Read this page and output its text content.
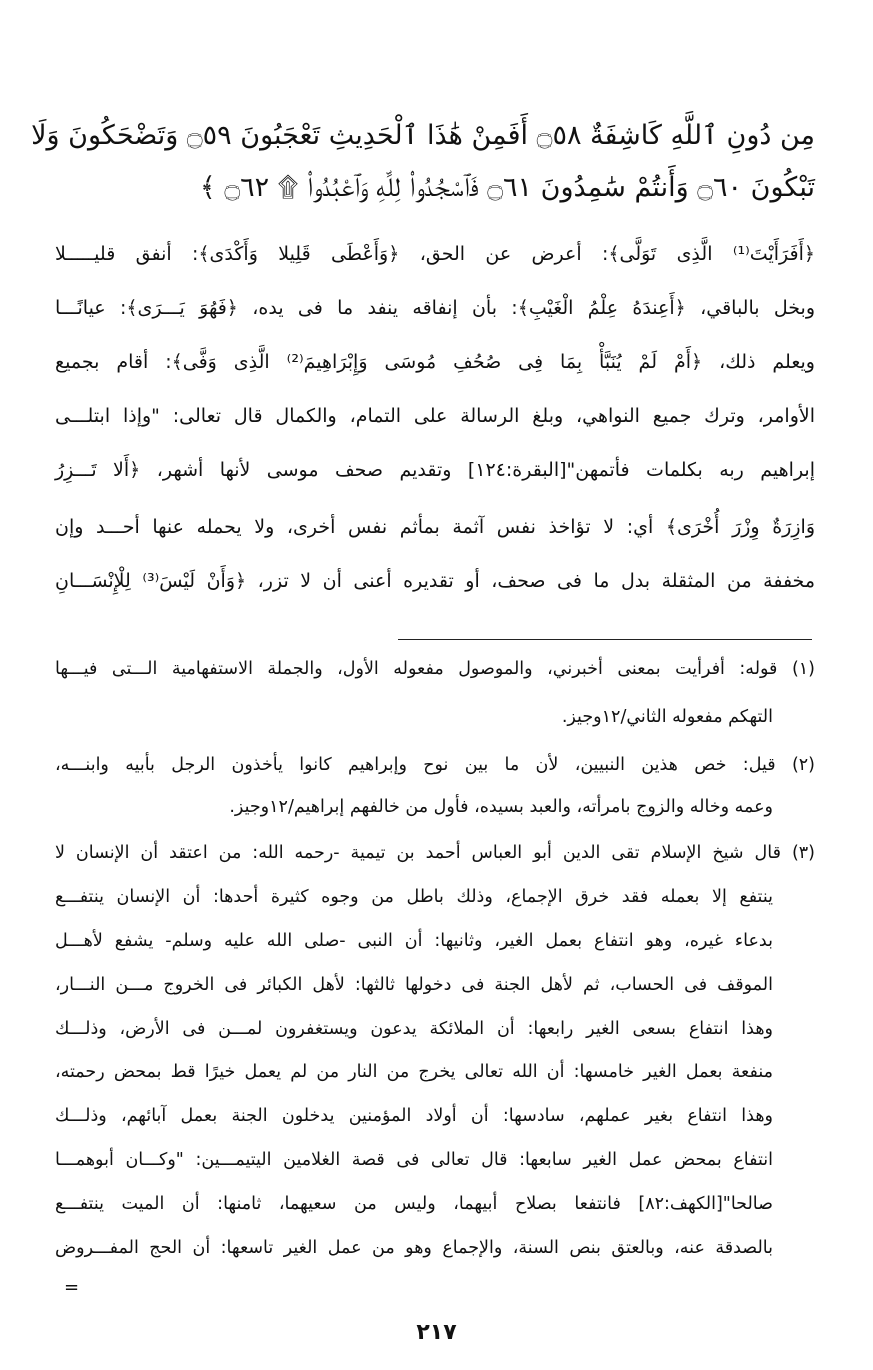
مِن دُونِ ٱللَّهِ كَاشِفَةٌ ۝٥٨ أَفَمِنْ هَٰذَا ٱلْحَدِيثِ تَعْجَبُونَ ۝٥٩ وَتَضْحَكُونَ وَلَا
تَبْكُونَ ۝٦٠ وَأَنتُمْ سَٰمِدُونَ ۝٦١ فَٱسْجُدُوا۟ لِلَّهِ وَٱعْبُدُوا۟ ۩ ۝٦٢ ﴾
﴿أَفَرَأَيْتَ⁽¹⁾ الَّذِى تَوَلَّى﴾: أعرض عن الحق، ﴿وَأَعْطَى قَلِيلا وَأَكْدَى﴾: أنفق قليـــــلا
وبخل بالباقي، ﴿أَعِندَهُ عِلْمُ الْغَيْبِ﴾: بأن إنفاقه ينفد ما فى يده، ﴿فَهُوَ يَـــرَى﴾: عيانًـــا
ويعلم ذلك، ﴿أَمْ لَمْ يُنَبَّأْ بِمَا فِى صُحُفِ مُوسَى وَإِبْرَاهِيمَ⁽²⁾ الَّذِى وَفَّى﴾: أقام بجميع
الأوامر، وترك جميع النواهي، وبلغ الرسالة على التمام، والكمال قال تعالى: "وإذا ابتلـــى
إبراهيم ربه بكلمات فأتمهن"[البقرة:١٢٤] وتقديم صحف موسى لأنها أشهر، ﴿أَلا تَـــزِرُ
وَازِرَةٌ وِزْرَ أُخْرَى﴾ أي: لا تؤاخذ نفس آثمة بمأثم نفس أخرى، ولا يحمله عنها أحـــد وإن
مخففة من المثقلة بدل ما فى صحف، أو تقديره أعنى أن لا تزر، ﴿وَأَنْ لَيْسَ⁽³⁾ لِلْإِنْسَـــانِ
(١) قوله: أفرأيت بمعنى أخبرني، والموصول مفعوله الأول، والجملة الاستفهامية الـــتى فيـــها
التهكم مفعوله الثاني/١٢وجيز.
(٢) قيل: خص هذين النبيين، لأن ما بين نوح وإبراهيم كانوا يأخذون الرجل بأبيه وابنـــه،
وعمه وخاله والزوج بامرأته، والعبد بسيده، فأول من خالفهم إبراهيم/١٢وجيز.
(٣) قال شيخ الإسلام تقى الدين أبو العباس أحمد بن تيمية -رحمه الله: من اعتقد أن الإنسان لا
ينتفع إلا بعمله فقد خرق الإجماع، وذلك باطل من وجوه كثيرة أحدها: أن الإنسان ينتفـــع
بدعاء غيره، وهو انتفاع بعمل الغير، وثانيها: أن النبى -صلى الله عليه وسلم- يشفع لأهـــل
الموقف فى الحساب، ثم لأهل الجنة فى دخولها ثالثها: لأهل الكبائر فى الخروج مـــن النـــار،
وهذا انتفاع بسعى الغير رابعها: أن الملائكة يدعون ويستغفرون لمـــن فى الأرض، وذلـــك
منفعة بعمل الغير خامسها: أن الله تعالى يخرج من النار من لم يعمل خيرًا قط بمحض رحمته،
وهذا انتفاع بغير عملهم، سادسها: أن أولاد المؤمنين يدخلون الجنة بعمل آبائهم، وذلـــك
انتفاع بمحض عمل الغير سابعها: قال تعالى فى قصة الغلامين اليتيمـــين: "وكـــان أبوهمـــا
صالحا"[الكهف:٨٢] فانتفعا بصلاح أبيهما، وليس من سعيهما، ثامنها: أن الميت ينتفـــع
بالصدقة عنه، وبالعتق بنص السنة، والإجماع وهو من عمل الغير تاسعها: أن الحج المفـــروض
=
٢١٧
